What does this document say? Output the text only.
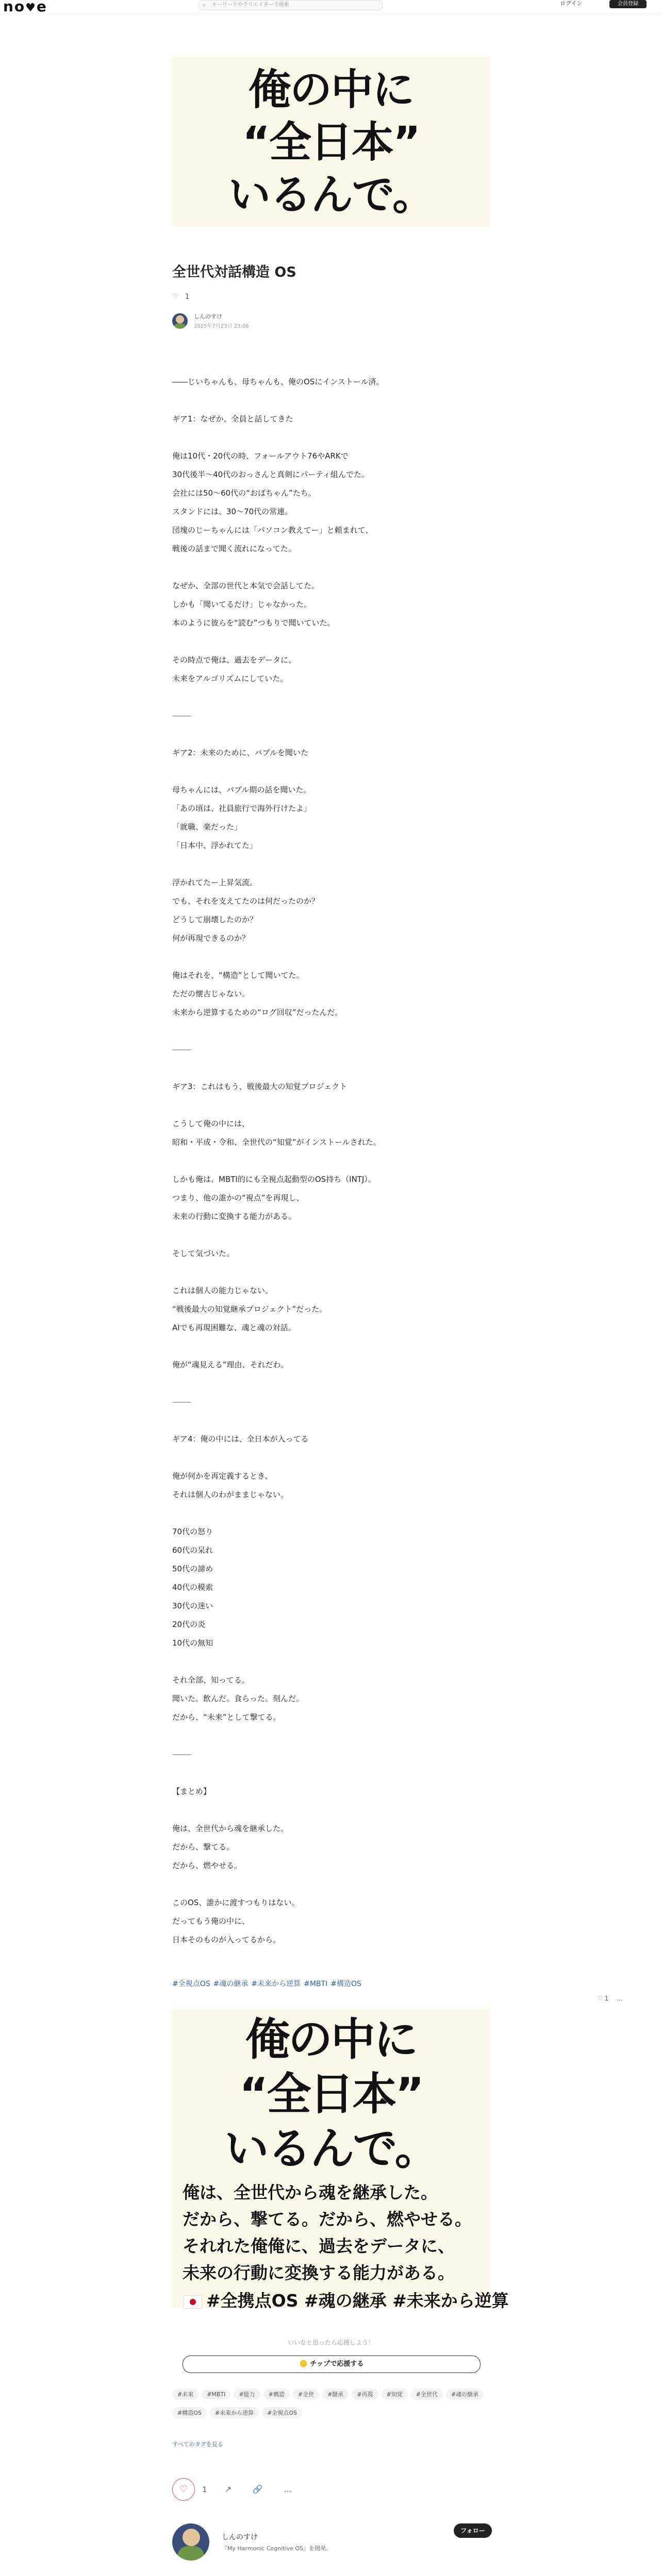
no♥e	⌕ キーワードやクリエイターで検索	ログイン	会員登録
俺の中に
“全日本”
いるんで。
全世代対話構造 OS
♡ 1
しんのすけ
2025年7月23日 23:06
――じいちゃんも、母ちゃんも、俺のOSにインストール済。
ギア1：なぜか、全員と話してきた
俺は10代・20代の時、フォールアウト76やARKで
30代後半〜40代のおっさんと真剣にパーティ組んでた。
会社には50〜60代の“おばちゃん”たち。
スタンドには、30〜70代の常連。
団塊のじーちゃんには「パソコン教えてー」と頼まれて、
戦後の話まで聞く流れになってた。
なぜか、全部の世代と本気で会話してた。
しかも「聞いてるだけ」じゃなかった。
本のように彼らを“読む”つもりで聞いていた。
その時点で俺は、過去をデータに、
未来をアルゴリズムにしていた。
⸻
ギア2：未来のために、バブルを聞いた
母ちゃんには、バブル期の話を聞いた。
「あの頃は、社員旅行で海外行けたよ」
「就職、楽だった」
「日本中、浮かれてた」
浮かれてたー上昇気流。
でも、それを支えてたのは何だったのか？
どうして崩壊したのか？
何が再現できるのか？
俺はそれを、“構造”として聞いてた。
ただの懐古じゃない。
未来から逆算するための“ログ回収”だったんだ。
⸻
ギア3：これはもう、戦後最大の知覚プロジェクト
こうして俺の中には、
昭和・平成・令和、全世代の“知覚”がインストールされた。
しかも俺は、MBTI的にも全視点起動型のOS持ち（INTJ）。
つまり、他の誰かの“視点”を再現し、
未来の行動に変換する能力がある。
そして気づいた。
これは個人の能力じゃない。
“戦後最大の知覚継承プロジェクト”だった。
AIでも再現困難な、魂と魂の対話。
俺が“魂見える”理由、それだわ。
⸻
ギア4：俺の中には、全日本が入ってる
俺が何かを再定義するとき、
それは個人のわがままじゃない。
70代の怒り
60代の呆れ
50代の諦め
40代の模索
30代の迷い
20代の炎
10代の無知
それ全部、知ってる。
聞いた。飲んだ。食らった。刻んだ。
だから、“未来”として撃てる。
⸻
【まとめ】
俺は、全世代から魂を継承した。
だから、撃てる。
だから、燃やせる。
このOS、誰かに渡すつもりはない。
だってもう俺の中に、
日本そのものが入ってるから。
#全視点OS #魂の継承 #未来から逆算 #MBTI #構造OS
♡ 1 …
俺の中に
“全日本”
いるんで。
俺は、全世代から魂を継承した。
だから、撃てる。だから、燃やせる。
それれた俺俺に、過去をデータに、
未来の行動に変換する能力がある。
#全携点OS #魂の継承 #未来から逆算
いいなと思ったら応援しよう！
🪙 チップで応援する
#未来 #MBTI #能力 #構造 #全世 #継承 #再現 #知覚 #全世代 #魂の継承#構造OS #未来から逆算 #全視点OS
すべてのタグを見る
♡ 1 ↗	🔗	…
しんのすけ
『My Harmonic Cognitive OS』を開発。
フォロー
